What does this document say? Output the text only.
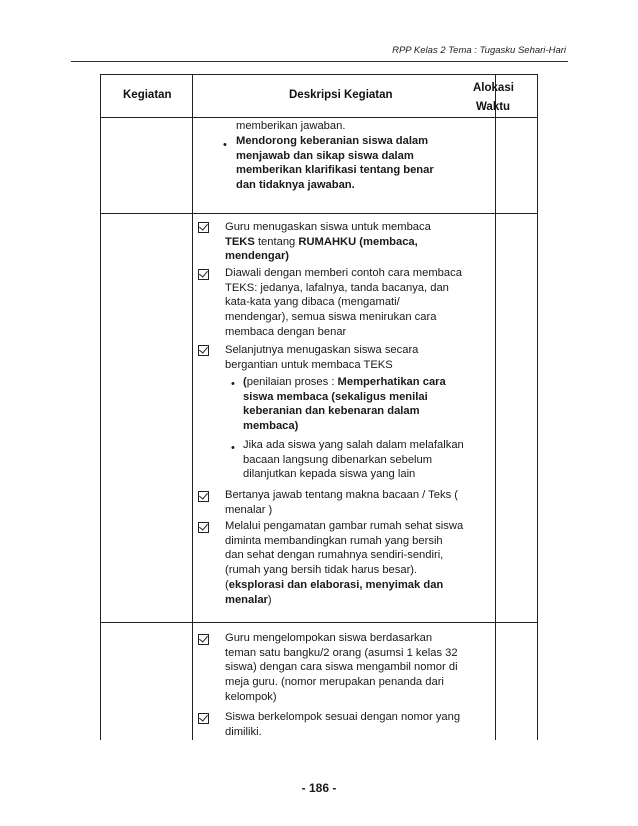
RPP Kelas 2 Tema : Tugasku Sehari-Hari
Kegiatan	Deskripsi Kegiatan
Alokasi
Waktu
memberikan jawaban.
• Mendorong keberanian siswa dalam
menjawab dan sikap siswa dalam
memberikan klarifikasi tentang benar
dan tidaknya jawaban.
Guru menugaskan siswa untuk membaca
TEKS tentang RUMAHKU (membaca,
mendengar)
Diawali dengan memberi contoh cara membaca
TEKS: jedanya, lafalnya, tanda bacanya, dan
kata-kata yang dibaca (mengamati/
mendengar), semua siswa menirukan cara
membaca dengan benar
Selanjutnya menugaskan siswa secara
bergantian untuk membaca TEKS
• (penilaian proses : Memperhatikan cara
siswa membaca (sekaligus menilai
keberanian dan kebenaran dalam
membaca)
• Jika ada siswa yang salah dalam melafalkan
bacaan langsung dibenarkan sebelum
dilanjutkan kepada siswa yang lain
Bertanya jawab tentang makna bacaan / Teks (
menalar )
Melalui pengamatan gambar rumah sehat siswa
diminta membandingkan rumah yang bersih
dan sehat dengan rumahnya sendiri-sendiri,
(rumah yang bersih tidak harus besar).
(eksplorasi dan elaborasi, menyimak dan
menalar)
Guru mengelompokan siswa berdasarkan
teman satu bangku/2 orang (asumsi 1 kelas 32
siswa) dengan cara siswa mengambil nomor di
meja guru. (nomor merupakan penanda dari
kelompok)
Siswa berkelompok sesuai dengan nomor yang
dimiliki.
- 186 -
